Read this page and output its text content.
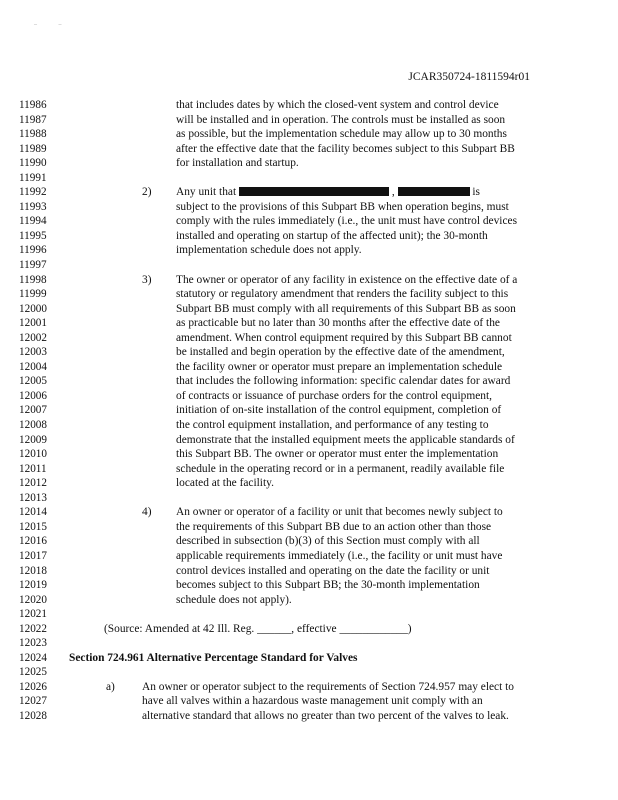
‒ –
JCAR350724-1811594r01
11986	that includes dates by which the closed-vent system and control device
11987	will be installed and in operation. The controls must be installed as soon
11988	as possible, but the implementation schedule may allow up to 30 months
11989	after the effective date that the facility becomes subject to this Subpart BB
11990	for installation and startup.
11991
11992	2) Any unit that	,	is
11993	subject to the provisions of this Subpart BB when operation begins, must
11994	comply with the rules immediately (i.e., the unit must have control devices
11995	installed and operating on startup of the affected unit); the 30-month
11996	implementation schedule does not apply.
11997
11998	3) The owner or operator of any facility in existence on the effective date of a
11999	statutory or regulatory amendment that renders the facility subject to this
12000	Subpart BB must comply with all requirements of this Subpart BB as soon
12001	as practicable but no later than 30 months after the effective date of the
12002	amendment. When control equipment required by this Subpart BB cannot
12003	be installed and begin operation by the effective date of the amendment,
12004	the facility owner or operator must prepare an implementation schedule
12005	that includes the following information: specific calendar dates for award
12006	of contracts or issuance of purchase orders for the control equipment,
12007	initiation of on-site installation of the control equipment, completion of
12008	the control equipment installation, and performance of any testing to
12009	demonstrate that the installed equipment meets the applicable standards of
12010	this Subpart BB. The owner or operator must enter the implementation
12011	schedule in the operating record or in a permanent, readily available file
12012	located at the facility.
12013
12014	4) An owner or operator of a facility or unit that becomes newly subject to
12015	the requirements of this Subpart BB due to an action other than those
12016	described in subsection (b)(3) of this Section must comply with all
12017	applicable requirements immediately (i.e., the facility or unit must have
12018	control devices installed and operating on the date the facility or unit
12019	becomes subject to this Subpart BB; the 30-month implementation
12020	schedule does not apply).
12021
12022	(Source: Amended at 42 Ill. Reg. ______, effective ____________)
12023
12024	Section 724.961 Alternative Percentage Standard for Valves
12025
12026	a) An owner or operator subject to the requirements of Section 724.957 may elect to
12027	have all valves within a hazardous waste management unit comply with an
12028	alternative standard that allows no greater than two percent of the valves to leak.
